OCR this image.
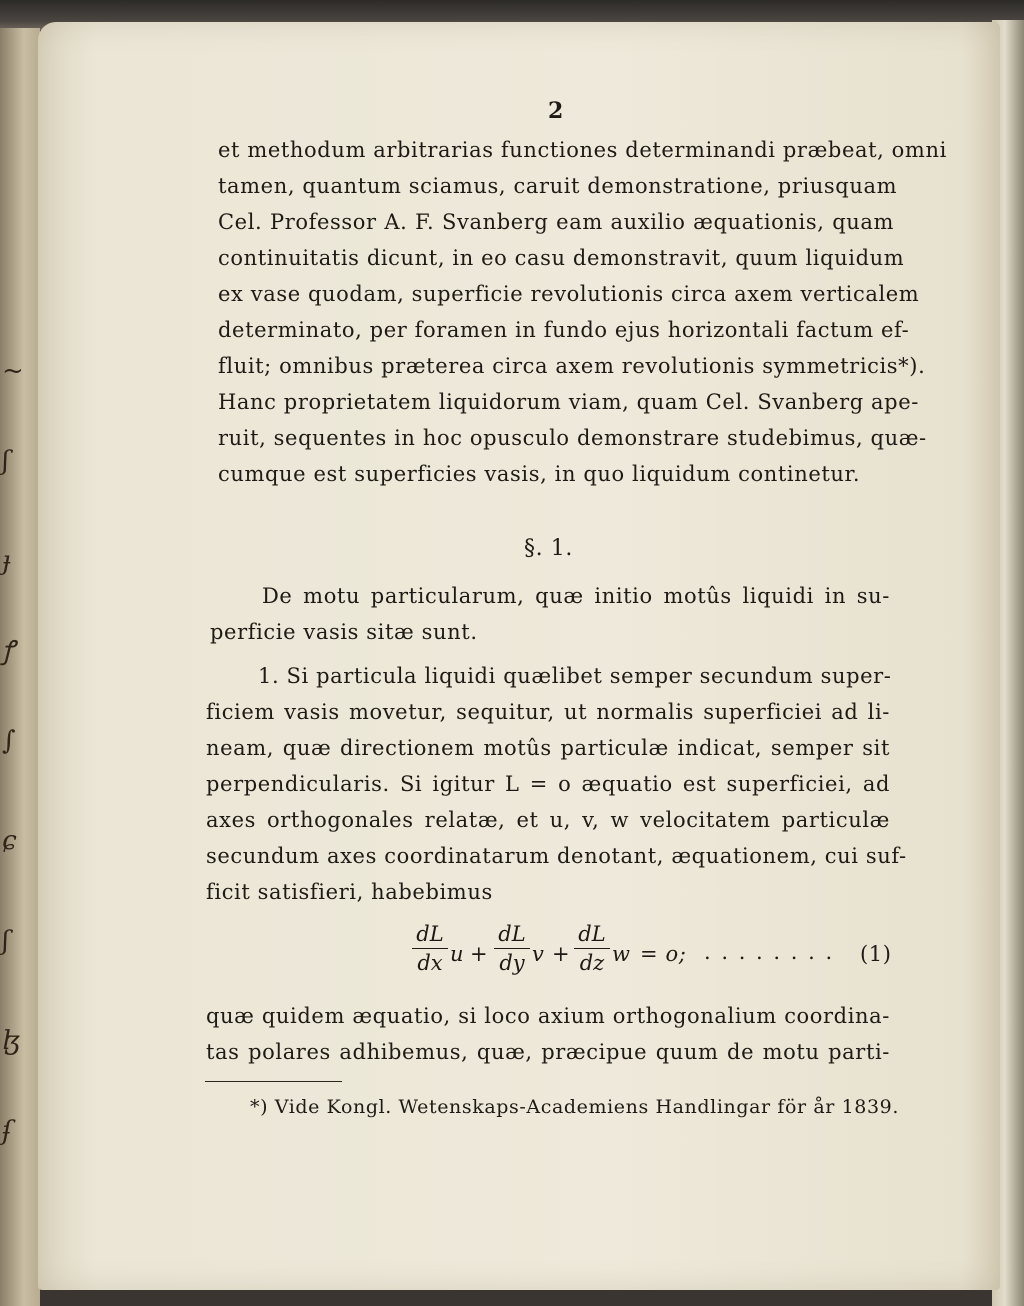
~
ʃ
ɟ
ꝭ
∫
ɕ
ʃ
ɮ
ʄ
2
et methodum arbitrarias functiones determinandi præbeat, omni
tamen, quantum sciamus, caruit demonstratione, priusquam
Cel. Professor A. F. Svanberg eam auxilio æquationis, quam
continuitatis dicunt, in eo casu demonstravit, quum liquidum
ex vase quodam, superficie revolutionis circa axem verticalem
determinato, per foramen in fundo ejus horizontali factum ef-
fluit; omnibus præterea circa axem revolutionis symmetricis*).
Hanc proprietatem liquidorum viam, quam Cel. Svanberg ape-
ruit, sequentes in hoc opusculo demonstrare studebimus, quæ-
cumque est superficies vasis, in quo liquidum continetur.
§. 1.
De motu particularum, quæ initio motûs liquidi in su-
perficie vasis sitæ sunt.
1. Si particula liquidi quælibet semper secundum super-
ficiem vasis movetur, sequitur, ut normalis superficiei ad li-
neam, quæ directionem motûs particulæ indicat, semper sit
perpendicularis. Si igitur L = o æquatio est superficiei, ad
axes orthogonales relatæ, et u, v, w velocitatem particulæ
secundum axes coordinatarum denotant, æquationem, cui suf-
ficit satisfieri, habebimus
$\frac{dL}{dx}$ $u + \frac{dL}{dy}$ $v + \frac{dL}{dz}$ w = o; . . . . . . . . (1)
quæ quidem æquatio, si loco axium orthogonalium coordina-
tas polares adhibemus, quæ, præcipue quum de motu parti-
*) Vide Kongl. Wetenskaps-Academiens Handlingar för år 1839.
